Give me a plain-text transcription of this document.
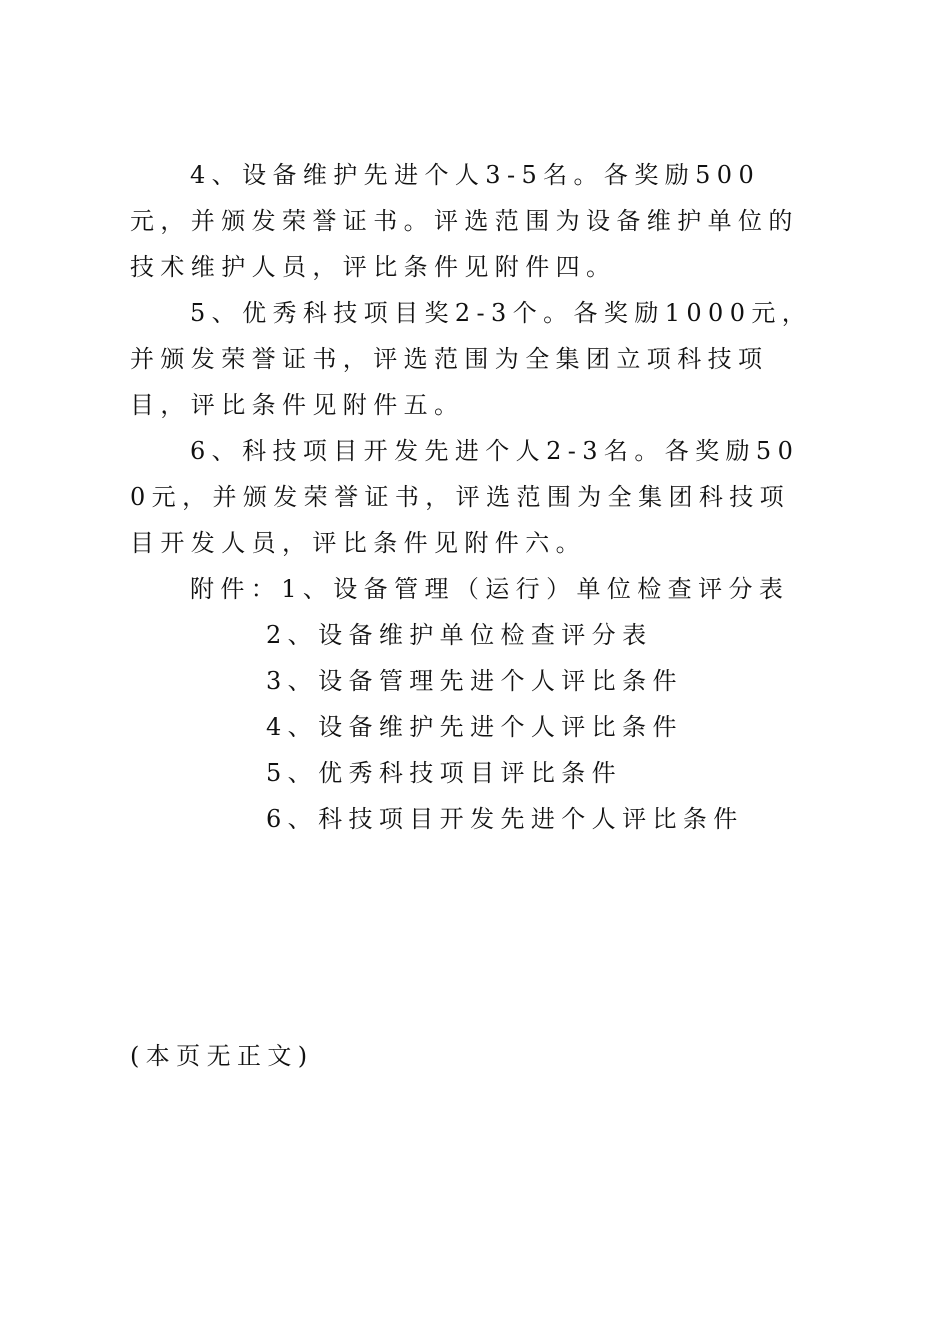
4、设备维护先进个人3-5名。各奖励500元，并颁发荣誉证书。评选范围为设备维护单位的技术维护人员，评比条件见附件四。

5、优秀科技项目奖2-3个。各奖励1000元，并颁发荣誉证书，评选范围为全集团立项科技项目，评比条件见附件五。

6、科技项目开发先进个人2-3名。各奖励500元，并颁发荣誉证书，评选范围为全集团科技项目开发人员，评比条件见附件六。

附件：1、设备管理（运行）单位检查评分表

2、设备维护单位检查评分表

3、设备管理先进个人评比条件

4、设备维护先进个人评比条件

5、优秀科技项目评比条件

6、科技项目开发先进个人评比条件

(本页无正文)
